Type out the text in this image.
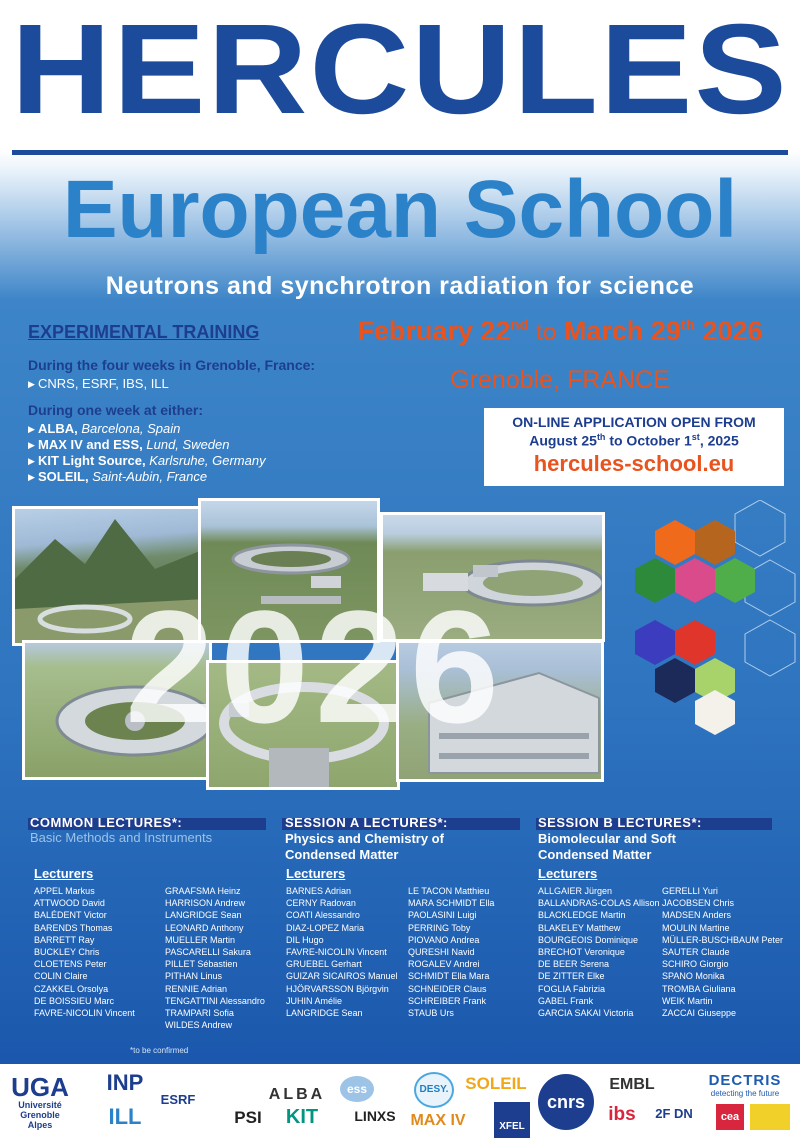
HERCULES
European School
Neutrons and synchrotron radiation for science
EXPERIMENTAL TRAINING
During the four weeks in Grenoble, France:
▶ CNRS, ESRF, IBS, ILL
During one week at either:
▶ ALBA, Barcelona, Spain
▶ MAX IV and ESS, Lund, Sweden
▶ KIT Light Source, Karlsruhe, Germany
▶ SOLEIL, Saint-Aubin, France
February 22nd to March 29th 2026
Grenoble, FRANCE
ON-LINE APPLICATION OPEN FROM
August 25th to October 1st, 2025
hercules-school.eu
2026
COMMON LECTURES*:
Basic Methods and Instruments
SESSION A LECTURES*:
Physics and Chemistry of
Condensed Matter
SESSION B LECTURES*:
Biomolecular and Soft
Condensed Matter
Lecturers	Lecturers	Lecturers
APPEL Markus
ATTWOOD David
BALÉDENT Victor
BARENDS Thomas
BARRETT Ray
BUCKLEY Chris
CLOETENS Peter
COLIN Claire
CZAKKEL Orsolya
DE BOISSIEU Marc
FAVRE-NICOLIN Vincent
GRAAFSMA Heinz
HARRISON Andrew
LANGRIDGE Sean
LEONARD Anthony
MUELLER Martin
PASCARELLI Sakura
PILLET Sébastien
PITHAN Linus
RENNIE Adrian
TENGATTINI Alessandro
TRAMPARI Sofia
WILDES Andrew
BARNES Adrian
CERNY Radovan
COATI Alessandro
DIAZ-LOPEZ Maria
DIL Hugo
FAVRE-NICOLIN Vincent
GRUEBEL Gerhart
GUIZAR SICAIROS Manuel
HJÖRVARSSON Björgvin
JUHIN Amélie
LANGRIDGE Sean
LE TACON Matthieu
MARA SCHMIDT Ella
PAOLASINI Luigi
PERRING Toby
PIOVANO Andrea
QURESHI Navid
ROGALEV Andrei
SCHMIDT Ella Mara
SCHNEIDER Claus
SCHREIBER Frank
STAUB Urs
ALLGAIER Jürgen
BALLANDRAS-COLAS Allison
BLACKLEDGE Martin
BLAKELEY Matthew
BOURGEOIS Dominique
BRECHOT Veronique
DE BEER Serena
DE ZITTER Elke
FOGLIA Fabrizia
GABEL Frank
GARCIA SAKAI Victoria
GERELLI Yuri
JACOBSEN Chris
MADSEN Anders
MOULIN Martine
MÜLLER-BUSCHBAUM Peter
SAUTER Claude
SCHIRO Giorgio
SPANO Monika
TROMBA Giuliana
WEIK Martin
ZACCAI Giuseppe
*to be confirmed
UGA
Université
Grenoble Alpes
INP
ILL
ESRF	ALBA
PSI	KIT
ess
LINXS
DESY.
MAX IV
SOLEIL
XFEL
cnrs
EMBL
ibs	2F DN
DECTRIS
detecting the future
cea
